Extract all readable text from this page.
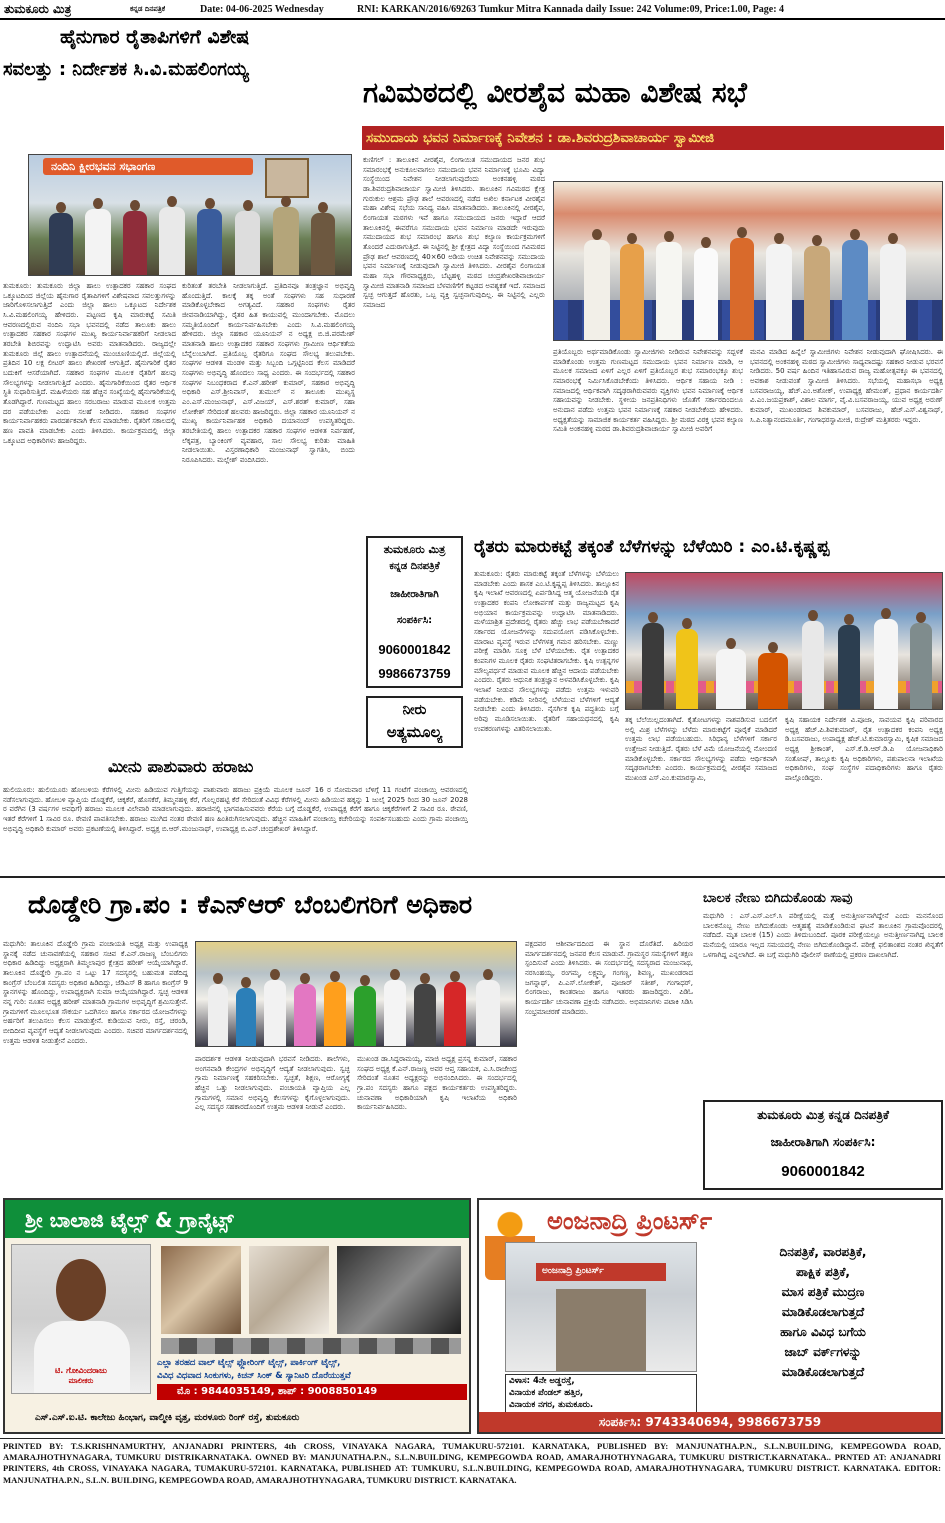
ತುಮಕೂರು ಮಿತ್ರ	ಕನ್ನಡ ದಿನಪತ್ರಿಕೆ	Date: 04-06-2025 Wednesday	RNI: KARKAN/2016/69263 Tumkur Mitra Kannada daily Issue: 242 Volume:09, Price:1.00, Page: 4
ಹೈನುಗಾರ ರೈತಾಪಿಗಳಿಗೆ ವಿಶೇಷ
ಸವಲತ್ತು : ನಿರ್ದೇಶಕ ಸಿ.ವಿ.ಮಹಲಿಂಗಯ್ಯ
ನಂದಿನಿ ಕ್ಷೀರಭವನ ಸಭಾಂಗಣ
ತುಮಕೂರು: ತುಮಕೂರು ಜಿಲ್ಲಾ ಹಾಲು ಉತ್ಪಾದಕರ ಸಹಕಾರ ಸಂಘದ ಒಕ್ಕೂಟದಿಂದ ಜಿಲ್ಲೆಯ ಹೈನುಗಾರ ರೈತಾಪಿಗಳಿಗೆ ವಿಶೇಷವಾದ ಸವಲತ್ತುಗಳನ್ನು ಜಾರಿಗೊಳಿಸಲಾಗುತ್ತಿದೆ ಎಂದು ಜಿಲ್ಲಾ ಹಾಲು ಒಕ್ಕೂಟದ ನಿರ್ದೇಶಕ ಸಿ.ವಿ.ಮಹಲಿಂಗಯ್ಯ ಹೇಳಿದರು. ಪಟ್ಟಣದ ಕೃಷಿ ಮಾರುಕಟ್ಟೆ ಸಮಿತಿ ಆವರಣದಲ್ಲಿರುವ ನಂದಿನಿ ಸಭಾ ಭವನದಲ್ಲಿ ನಡೆದ ತಾಲೂಕು ಹಾಲು ಉತ್ಪಾದಕರ ಸಹಕಾರ ಸಂಘಗಳ ಮುಖ್ಯ ಕಾರ್ಯನಿರ್ವಾಹಕರಿಗೆ ನೀಡಲಾದ ತರಬೇತಿ ಶಿಬಿರವನ್ನು ಉದ್ಘಾಟಿಸಿ ಅವರು ಮಾತನಾಡಿದರು. ರಾಜ್ಯದಲ್ಲೇ ತುಮಕೂರು ಜಿಲ್ಲೆ ಹಾಲು ಉತ್ಪಾದನೆಯಲ್ಲಿ ಮುಂಚೂಣಿಯಲ್ಲಿದೆ. ಜಿಲ್ಲೆಯಲ್ಲಿ ಪ್ರತಿದಿನ 10 ಲಕ್ಷ ಲೀಟರ್ ಹಾಲು ಶೇಖರಣೆ ಆಗುತ್ತಿದೆ. ಹೈನುಗಾರಿಕೆ ರೈತರ ಬದುಕಿಗೆ ಆಸರೆಯಾಗಿದೆ. ಸಹಕಾರ ಸಂಘಗಳ ಮೂಲಕ ರೈತರಿಗೆ ಹಲವು ಸೌಲಭ್ಯಗಳನ್ನು ನೀಡಲಾಗುತ್ತಿದೆ ಎಂದರು. ಹೈನುಗಾರಿಕೆಯಿಂದ ರೈತರ ಆರ್ಥಿಕ ಸ್ಥಿತಿ ಸುಧಾರಿಸುತ್ತಿದೆ. ಮಹಿಳೆಯರು ಸಹ ಹೆಚ್ಚಿನ ಸಂಖ್ಯೆಯಲ್ಲಿ ಹೈನುಗಾರಿಕೆಯಲ್ಲಿ ತೊಡಗಿದ್ದಾರೆ. ಗುಣಮಟ್ಟದ ಹಾಲು ಸರಬರಾಜು ಮಾಡುವ ಮೂಲಕ ಉತ್ತಮ ದರ ಪಡೆಯಬೇಕು ಎಂದು ಸಲಹೆ ನೀಡಿದರು. ಸಹಕಾರ ಸಂಘಗಳ ಕಾರ್ಯನಿರ್ವಾಹಕರು ಪಾರದರ್ಶಕವಾಗಿ ಕೆಲಸ ಮಾಡಬೇಕು. ರೈತರಿಗೆ ಸಕಾಲದಲ್ಲಿ ಹಣ ಪಾವತಿ ಮಾಡಬೇಕು ಎಂದು ತಿಳಿಸಿದರು. ಕಾರ್ಯಕ್ರಮದಲ್ಲಿ ಜಿಲ್ಲಾ ಒಕ್ಕೂಟದ ಅಧಿಕಾರಿಗಳು ಹಾಜರಿದ್ದರು.
ಕುರಿತಂತೆ ತರಬೇತಿ ನೀಡಲಾಗುತ್ತಿದೆ. ಪ್ರತಿದಿನವೂ ತಂತ್ರಜ್ಞಾನ ಅಭಿವೃದ್ಧಿ ಹೊಂದುತ್ತಿದೆ. ಕಾಲಕ್ಕೆ ತಕ್ಕ ಅಂತೆ ಸಂಘಗಳು ಸಹ ಸುಧಾರಣೆ ಮಾಡಿಕೊಳ್ಳಬೇಕಾದ ಅಗತ್ಯವಿದೆ. ಸಹಕಾರ ಸಂಘಗಳು ರೈತರ ಜೀವನಾಡಿಯಾಗಿದ್ದು, ರೈತರ ಹಿತ ಕಾಯುವಲ್ಲಿ ಮುಂದಾಗಬೇಕು. ಮೊದಲು ಸಮ್ಮತಿಯೊಂದಿಗೆ ಕಾರ್ಯನಿರ್ವಹಿಸಬೇಕು ಎಂದು ಸಿ.ವಿ.ಮಹಲಿಂಗಯ್ಯ ಹೇಳಿದರು. ಜಿಲ್ಲಾ ಸಹಕಾರ ಯೂನಿಯನ್ ನ ಅಧ್ಯಕ್ಷ ಬಿ.ಜಿ.ಪರಮೇಶ್ ಮಾತನಾಡಿ ಹಾಲು ಉತ್ಪಾದಕರ ಸಹಕಾರ ಸಂಘಗಳು ಗ್ರಾಮೀಣ ಆರ್ಥಿಕತೆಯ ಬೆನ್ನೆಲುಬಾಗಿದೆ. ಪ್ರತಿಯೊಬ್ಬ ರೈತರಿಗೂ ಸಂಘದ ಸೌಲಭ್ಯ ತಲುಪಬೇಕು. ಸಂಘಗಳ ಆಡಳಿತ ಮಂಡಳಿ ಮತ್ತು ಸಿಬ್ಬಂದಿ ಒಗ್ಗಟ್ಟಿನಿಂದ ಕೆಲಸ ಮಾಡಿದರೆ ಸಂಘಗಳು ಅಭಿವೃದ್ಧಿ ಹೊಂದಲು ಸಾಧ್ಯ ಎಂದರು. ಈ ಸಂದರ್ಭದಲ್ಲಿ ಸಹಕಾರ ಸಂಘಗಳ ನಿಬಂಧಕರಾದ ಕೆ.ಎನ್.ಹರೀಶ್ ಕುಮಾರ್, ಸಹಕಾರ ಅಭಿವೃದ್ಧಿ ಅಧಿಕಾರಿ ಎಸ್.ಶ್ರೀನಿವಾಸ್, ತುಮುಲ್ ನ ತಾಲೂಕು ಮುಖ್ಯಸ್ಥ ಎಂ.ಎಸ್.ಮಂಜುನಾಥ್, ಎಸ್.ವಿಜಯ್, ಎಸ್.ಶರತ್ ಕುಮಾರ್, ಸಹಾ ಲೋಕೇಶ್ ಸೇರಿದಂತೆ ಹಲವರು ಹಾಜರಿದ್ದರು. ಜಿಲ್ಲಾ ಸಹಕಾರ ಯೂನಿಯನ್ ನ ಮುಖ್ಯ ಕಾರ್ಯನಿರ್ವಾಹಕ ಅಧಿಕಾರಿ ದಯಾನಂದ್ ಉಪಸ್ಥಿತರಿದ್ದರು. ತರಬೇತಿಯಲ್ಲಿ ಹಾಲು ಉತ್ಪಾದಕರ ಸಹಕಾರ ಸಂಘಗಳ ಆಡಳಿತ ನಿರ್ವಹಣೆ, ಲೆಕ್ಕಪತ್ರ, ಬ್ಯಾಂಕಿಂಗ್ ವ್ಯವಹಾರ, ಸಾಲ ಸೌಲಭ್ಯ ಕುರಿತು ಮಾಹಿತಿ ನೀಡಲಾಯಿತು. ವಿಸ್ತರಣಾಧಿಕಾರಿ ಮಂಜುನಾಥ್ ಸ್ವಾಗತಿಸಿ, ಬಿಂದು ನಿರೂಪಿಸಿದರು. ಮಲ್ಲೇಶ್ ವಂದಿಸಿದರು.
ಗವಿಮಠದಲ್ಲಿ ವೀರಶೈವ ಮಹಾ ವಿಶೇಷ ಸಭೆ
ಸಮುದಾಯ ಭವನ ನಿರ್ಮಾಣಕ್ಕೆ ನಿವೇಶನ : ಡಾ.ಶಿವರುದ್ರಶಿವಾಚಾರ್ಯ ಸ್ವಾಮೀಜಿ
ಕುಣಿಗಲ್ : ತಾಲೂಕಿನ ವೀರಶೈವ, ಲಿಂಗಾಯಿತ ಸಮುದಾಯದ ಜನರ ಶುಭ ಸಮಾರಂಭಕ್ಕೆ ಅನುಕೂಲವಾಗಲು ಸಮುದಾಯ ಭವನ ನಿರ್ಮಾಣಕ್ಕೆ ಭೂಮಿ ವಿದ್ಯಾ ಸಂಸ್ಥೆಯಿಂದ ನಿವೇಶನ ನೀಡಲಾಗುವುದೆಂದು ಅಂಕನಹಳ್ಳಿ ಮಠದ ಡಾ.ಶಿವರುದ್ರಶಿವಾಚಾರ್ಯ ಸ್ವಾಮೀಜಿ ತಿಳಿಸಿದರು. ತಾಲೂಕಿನ ಗವಿಮಠದ ಕ್ಷೇತ್ರ ಗುರುಕುಲ ಆಶ್ರಮ ಪ್ರೌಢ ಶಾಲೆ ಆವರಣದಲ್ಲಿ ನಡೆದ ಅಖಿಲ ಕರ್ನಾಟಕ ವೀರಶೈವ ಮಹಾ ವಿಶೇಷ ಸಭೆಯ ಸಾನಿಧ್ಯ ವಹಿಸಿ ಮಾತನಾಡಿದರು. ತಾಲೂಕಿನಲ್ಲಿ ವೀರಶೈವ, ಲಿಂಗಾಯತ ಮಠಗಳು ಇವೆ ಹಾಗೂ ಸಮುದಾಯದ ಜನರು ಇದ್ದಾರೆ ಆದರೆ ತಾಲೂಕಿನಲ್ಲಿ ಈವರೆಗೂ ಸಮುದಾಯ ಭವನ ನಿರ್ಮಾಣ ಮಾಡದೇ ಇರುವುದು ಸಮುದಾಯದ ಶುಭ ಸಮಾರಂಭ ಹಾಗೂ ಶುಭ ಕಲ್ಯಾಣ ಕಾರ್ಯಕ್ರಮಗಳಿಗೆ ತೊಂದರೆ ಎದುರಾಗುತ್ತಿದೆ. ಈ ನಿಟ್ಟಿನಲ್ಲಿ ಶ್ರೀ ಕ್ಷೇತ್ರದ ವಿದ್ಯಾ ಸಂಸ್ಥೆಯಿಂದ ಗವಿಮಠದ ಪ್ರೌಢ ಶಾಲೆ ಆವರಣದಲ್ಲಿ 40×60 ಅಡಿಯ ಉಚಿತ ನಿವೇಶನವನ್ನು ಸಮುದಾಯ ಭವನ ನಿರ್ಮಾಣಕ್ಕೆ ನೀಡುವುದಾಗಿ ಸ್ವಾಮೀಜಿ ತಿಳಿಸಿದರು. ವೀರಶೈವ ಲಿಂಗಾಯತ ಮಹಾ ಸಭಾ ಗೌರವಾಧ್ಯಕ್ಷರು, ಬೆಟ್ಟಹಳ್ಳಿ ಮಠದ ಚಂದ್ರಶೇಖರಶಿವಾಚಾರ್ಯ ಸ್ವಾಮೀಜಿ ಮಾತನಾಡಿ ಸಮಾಜದ ಬೆಳವಣಿಗೆಗೆ ಕಟ್ಟಡದ ಅವಶ್ಯಕತೆ ಇದೆ. ಸಮಾಜದ ಸ್ವಚ್ಛ ಆಗುತ್ತದೆ ಹೊರತು, ಒಬ್ಬ ವ್ಯಕ್ತಿ ಸ್ವಚ್ಛನಾಗುವುದಿಲ್ಲ. ಈ ನಿಟ್ಟಿನಲ್ಲಿ ಎಲ್ಲರು ಸಮಾಜದ
ಪ್ರತಿಯೊಬ್ಬರು ಅರ್ಥಮಾಡಿಕೊಂಡು ಸ್ವಾಮೀಜಿಗಳು ನೀಡಿರುವ ನಿವೇಶನವನ್ನು ಸದ್ಬಳಕೆ ಮಾಡಿಕೊಂಡು ಉತ್ತಮ ಗುಣಮಟ್ಟದ ಸಮುದಾಯ ಭವನ ನಿರ್ಮಾಣ ಮಾಡಿ, ಆ ಮೂಲಕ ಸಮಾಜದ ಏಳಿಗೆ ಎಲ್ಲರ ಏಳಿಗೆ ಪ್ರತಿಯೊಬ್ಬರ ಶುಭ ಸಮಾರಂಭಕ್ಕೂ ಶುಭ ಸಮಾರಂಭಕ್ಕೆ ನಿರ್ಮಿಸಿಕೊಡಬೇಕೆಂದು ತಿಳಿಸಿದರು. ಆರ್ಥಿಕ ಸಹಾಯ ನೀಡಿ : ಸಮಾಜದಲ್ಲಿ ಆರ್ಥಿಕವಾಗಿ ಸದೃಢರಾಗಿರುವವರು ವ್ಯಕ್ತಿಗಳು ಭವನ ನಿರ್ಮಾಣಕ್ಕೆ ಆರ್ಥಿಕ ಸಹಾಯವನ್ನು ನೀಡಬೇಕು. ಸ್ಥಳೀಯ ಜನಪ್ರತಿನಿಧಿಗಳು ಜೊತೆಗೆ ಸರ್ಕಾರದಿಂದಲೂ ಅನುದಾನ ಪಡೆದು ಉತ್ತಮ ಭವನ ನಿರ್ಮಾಣಕ್ಕೆ ಸಹಕಾರ ನೀಡಬೇಕೆಂದು ಹೇಳಿದರು. ಅಧ್ಯಕ್ಷತೆಯನ್ನು ಸಾಮಾಜಿಕ ಕಾರ್ಯಕರ್ತ ವಹಿಸಿದ್ದರು. ಶ್ರೀ ಮಠದ ವಿರಕ್ತ ಭವನ ಕಲ್ಯಾಣ ಸಮಿತಿ ಅಂಕನಹಳ್ಳಿ ಮಠದ ಡಾ.ಶಿವರುದ್ರಶಿವಾಚಾರ್ಯ ಸ್ವಾಮೀಜಿ ಅವರಿಗೆ
ಮನವಿ ಮಾಡಿದ ಹಿನ್ನೆಲೆ ಸ್ವಾಮೀಜಿಗಳು ನಿವೇಶನ ನೀಡುವುದಾಗಿ ಘೋಷಿಸಿದರು. ಈ ಭವನದಲ್ಲಿ ಅಂಕನಹಳ್ಳಿ ಮಠದ ಸ್ವಾಮೀಜಿಗಳು ಸಾಧ್ಯವಾದಷ್ಟು ಸಹಕಾರ ನೀಡುವ ಭರವಸೆ ನೀಡಿದರು. 50 ವರ್ಷ ಹಿಂದಿನ ಇತಿಹಾಸವಿರುವ ರಾಜ್ಯ ಮಹೋತ್ಸವಕ್ಕೂ ಈ ಭವನದಲ್ಲಿ ಅವಕಾಶ ನೀಡುವಂತೆ ಸ್ವಾಮೀಜಿ ತಿಳಿಸಿದರು. ಸಭೆಯಲ್ಲಿ ಮಹಾಸಭಾ ಅಧ್ಯಕ್ಷ ಬಸವರಾಜಯ್ಯ, ಹೆಚ್.ಎಂ.ಅಶೋಕ್, ಉಪಾಧ್ಯಕ್ಷ ಹೇಮಂತ್, ಪ್ರಧಾನ ಕಾರ್ಯದರ್ಶಿ ವಿ.ಎಂ.ಜಯಪ್ರಕಾಶ್, ವಿಶಾಲ ಮಾರ್ಗ, ವೈ.ವಿ.ಬಸವರಾಜಯ್ಯ, ಯುವ ಅಧ್ಯಕ್ಷ ಅರುಣ್ ಕುಮಾರ್, ಮುಖಂಡರಾದ ಶಿವಕುಮಾರ್, ಬಸವರಾಜು, ಹೆಚ್.ಎಸ್.ವಿಶ್ವನಾಥ್, ಸಿ.ಪಿ.ನಿತ್ಯಾನಂದಮೂರ್ತಿ, ಗಂಗಾಧರಸ್ವಾಮೀಜಿ, ರುದ್ರೇಶ್ ಮತ್ತಿತರರು ಇದ್ದರು.
ತುಮಕೂರು ಮಿತ್ರ
ಕನ್ನಡ ದಿನಪತ್ರಿಕೆ
ಜಾಹೀರಾತಿಗಾಗಿ
ಸಂಪರ್ಕಿಸಿ:
9060001842
9986673759
ನೀರು
ಅತ್ಯಮೂಲ್ಯ
ರೈತರು ಮಾರುಕಟ್ಟೆ ತಕ್ಕಂತೆ ಬೆಳೆಗಳನ್ನು ಬೆಳೆಯಿರಿ : ಎಂ.ಟಿ.ಕೃಷ್ಣಪ್ಪ
ತುಮಕೂರು: ರೈತರು ಮಾರುಕಟ್ಟೆ ತಕ್ಕಂತೆ ಬೆಳೆಗಳನ್ನು ಬೆಳೆಯಲು ಮಾಡಬೇಕು ಎಂದು ಶಾಸಕ ಎಂ.ಟಿ.ಕೃಷ್ಣಪ್ಪ ತಿಳಿಸಿದರು. ತಾಲ್ಲೂಕಿನ ಕೃಷಿ ಇಲಾಖೆ ಆವರಣದಲ್ಲಿ ಏರ್ಪಡಿಸಿದ್ದ ಆತ್ಮ ಯೋಜನೆಯಡಿ ರೈತ ಉತ್ಪಾದಕರ ಕಂಪನಿ ಲೋಕಾರ್ಪಣೆ ಮತ್ತು ರಾಜ್ಯಮಟ್ಟದ ಕೃಷಿ ಅಭಿಯಾನ ಕಾರ್ಯಕ್ರಮವನ್ನು ಉದ್ಘಾಟಿಸಿ ಮಾತನಾಡಿದರು. ಮಳೆಯಾಶ್ರಿತ ಪ್ರದೇಶದಲ್ಲಿ ರೈತರು ಹೆಚ್ಚು ಲಾಭ ಪಡೆಯಬೇಕಾದರೆ ಸರ್ಕಾರದ ಯೋಜನೆಗಳನ್ನು ಸದುಪಯೋಗ ಪಡಿಸಿಕೊಳ್ಳಬೇಕು. ಮಾರಾಟ ವ್ಯವಸ್ಥೆ ಇರುವ ಬೆಳೆಗಳತ್ತ ಗಮನ ಹರಿಸಬೇಕು. ಮಣ್ಣು ಪರೀಕ್ಷೆ ಮಾಡಿಸಿ ಸೂಕ್ತ ಬೆಳೆ ಬೆಳೆಯಬೇಕು. ರೈತ ಉತ್ಪಾದಕರ ಕಂಪನಿಗಳ ಮೂಲಕ ರೈತರು ಸಂಘಟಿತರಾಗಬೇಕು. ಕೃಷಿ ಉತ್ಪನ್ನಗಳ ಮೌಲ್ಯವರ್ಧನೆ ಮಾಡುವ ಮೂಲಕ ಹೆಚ್ಚಿನ ಆದಾಯ ಪಡೆಯಬೇಕು ಎಂದರು. ರೈತರು ಆಧುನಿಕ ತಂತ್ರಜ್ಞಾನ ಅಳವಡಿಸಿಕೊಳ್ಳಬೇಕು. ಕೃಷಿ ಇಲಾಖೆ ನೀಡುವ ಸೌಲಭ್ಯಗಳನ್ನು ಪಡೆದು ಉತ್ತಮ ಇಳುವರಿ ಪಡೆಯಬೇಕು. ಕಡಿಮೆ ನೀರಿನಲ್ಲಿ ಬೆಳೆಯುವ ಬೆಳೆಗಳಿಗೆ ಆದ್ಯತೆ ನೀಡಬೇಕು ಎಂದು ತಿಳಿಸಿದರು. ನೈಸರ್ಗಿಕ ಕೃಷಿ ಪದ್ಧತಿಯ ಬಗ್ಗೆ ಅರಿವು ಮೂಡಿಸಲಾಯಿತು. ರೈತರಿಗೆ ಸಹಾಯಧನದಲ್ಲಿ ಕೃಷಿ ಉಪಕರಣಗಳನ್ನು ವಿತರಿಸಲಾಯಿತು.
ತಕ್ಕ ಬೆಲೆಯಿಲ್ಲದಂತಾಗಿದೆ. ಕೈತೋಟಗಳನ್ನು ನಾಶಪಡಿಸುವ ಬದಲಿಗೆ ಅಲ್ಲಿ ಮಿಶ್ರ ಬೆಳೆಗಳನ್ನು ಬೆಳೆದು ಮಾರುಕಟ್ಟೆಗೆ ಪೂರೈಕೆ ಮಾಡಿದರೆ ಉತ್ತಮ ಲಾಭ ಪಡೆಯಬಹುದು. ಸಿರಿಧಾನ್ಯ ಬೆಳೆಗಳಿಗೆ ಸರ್ಕಾರ ಉತ್ತೇಜನ ನೀಡುತ್ತಿದೆ. ರೈತರು ಬೆಳೆ ವಿಮೆ ಯೋಜನೆಯಲ್ಲಿ ನೋಂದಣಿ ಮಾಡಿಕೊಳ್ಳಬೇಕು. ಸರ್ಕಾರದ ಸೌಲಭ್ಯಗಳನ್ನು ಪಡೆದು ಆರ್ಥಿಕವಾಗಿ ಸದೃಢರಾಗಬೇಕು ಎಂದರು. ಕಾರ್ಯಕ್ರಮದಲ್ಲಿ ವೀರಶೈವ ಸಮಾಜದ ಮುಖಂಡ ಎಸ್.ಎಂ.ಕುಮಾರಸ್ವಾಮಿ,
ಕೃಷಿ ಸಹಾಯಕ ನಿರ್ದೇಶಕ ವಿ.ಪೂಜಾ, ಸಾವಯವ ಕೃಷಿ ಪರಿವಾರದ ಅಧ್ಯಕ್ಷ ಹೆಚ್.ಪಿ.ಶಿವಕುಮಾರ್, ರೈತ ಉತ್ಪಾದಕರ ಕಂಪನಿ ಅಧ್ಯಕ್ಷ ಡಿ.ಬಸವರಾಜು, ಉಪಾಧ್ಯಕ್ಷ ಹೆಚ್.ಟಿ.ಕುಮಾರಸ್ವಾಮಿ, ಕೃಷಿಕ ಸಮಾಜದ ಅಧ್ಯಕ್ಷ ಶ್ರೀಕಾಂತ್, ಎಸ್.ಕೆ.ಡಿ.ಆರ್.ಡಿ.ಪಿ ಯೋಜನಾಧಿಕಾರಿ ಸಂತೋಷ್, ತಾಲ್ಲೂಕು ಕೃಷಿ ಅಧಿಕಾರಿಗಳು, ಪಶುಪಾಲನಾ ಇಲಾಖೆಯ ಅಧಿಕಾರಿಗಳು, ಸಂಘ ಸಂಸ್ಥೆಗಳ ಪದಾಧಿಕಾರಿಗಳು ಹಾಗೂ ರೈತರು ಪಾಲ್ಗೊಂಡಿದ್ದರು.
ಮೀನು ಪಾಶುವಾರು ಹರಾಜು
ಹುಲಿಯೂರು: ಹುಲಿಯೂರು ಹೋಬಳಿಯ ಕೆರೆಗಳಲ್ಲಿ ಮೀನು ಹಿಡಿಯುವ ಗುತ್ತಿಗೆಯನ್ನು ಪಾಶುವಾರು ಹರಾಜು ಪ್ರಕ್ರಿಯೆ ಮೂಲಕ ಜೂನ್ 16 ರ ಸೋಮವಾರ ಬೆಳಿಗ್ಗೆ 11 ಗಂಟೆಗೆ ಪಂಚಾಯ್ತಿ ಆವರಣದಲ್ಲಿ ನಡೆಸಲಾಗುವುದು. ಹೋಬಳಿ ವ್ಯಾಪ್ತಿಯ ದೊಡ್ಡಕೆರೆ, ಚಿಕ್ಕಕೆರೆ, ಹೊಸಕೆರೆ, ತಿಮ್ಮನಹಳ್ಳಿ ಕೆರೆ, ಗೊಲ್ಲರಹಟ್ಟಿ ಕೆರೆ ಸೇರಿದಂತೆ ವಿವಿಧ ಕೆರೆಗಳಲ್ಲಿ ಮೀನು ಹಿಡಿಯುವ ಹಕ್ಕನ್ನು 1 ಜುಲೈ 2025 ರಿಂದ 30 ಜೂನ್ 2028 ರ ವರೆಗಿನ (3 ವರ್ಷಗಳ ಅವಧಿಗೆ) ಹರಾಜು ಮೂಲಕ ವಿಲೇವಾರಿ ಮಾಡಲಾಗುವುದು. ಹರಾಜಿನಲ್ಲಿ ಭಾಗವಹಿಸುವವರು ಕೆರೆಯ ಬಗ್ಗೆ ದೊಡ್ಡಕೆರೆ, ಉಪಾಧ್ಯಕ್ಷ ಕೆರೆಗೆ ಹಾಗೂ ಚಿಕ್ಕಕೆರೆಗಳಿಗೆ 2 ಸಾವಿರ ರೂ. ಠೇವಣಿ, ಇತರೆ ಕೆರೆಗಳಿಗೆ 1 ಸಾವಿರ ರೂ. ಠೇವಣಿ ಪಾವತಿಸಬೇಕು. ಹರಾಜು ಮುಗಿದ ನಂತರ ಠೇವಣಿ ಹಣ ಹಿಂತಿರುಗಿಸಲಾಗುವುದು. ಹೆಚ್ಚಿನ ಮಾಹಿತಿಗೆ ಪಂಚಾಯ್ತಿ ಕಚೇರಿಯನ್ನು ಸಂಪರ್ಕಿಸಬಹುದು ಎಂದು ಗ್ರಾಮ ಪಂಚಾಯ್ತಿ ಅಭಿವೃದ್ಧಿ ಅಧಿಕಾರಿ ಕುಮಾರ್ ಅವರು ಪ್ರಕಟಣೆಯಲ್ಲಿ ತಿಳಿಸಿದ್ದಾರೆ. ಅಧ್ಯಕ್ಷ ಬಿ.ಆರ್.ಮಂಜುನಾಥ್, ಉಪಾಧ್ಯಕ್ಷ ಬಿ.ಎನ್.ಚಂದ್ರಶೇಖರ್ ತಿಳಿಸಿದ್ದಾರೆ.
ದೊಡ್ಡೇರಿ ಗ್ರಾ.ಪಂ : ಕೆಎನ್‌ಆರ್ ಬೆಂಬಲಿಗರಿಗೆ ಅಧಿಕಾರ
ಮಧುಗಿರಿ: ತಾಲೂಕಿನ ದೊಡ್ಡೇರಿ ಗ್ರಾಮ ಪಂಚಾಯತಿ ಅಧ್ಯಕ್ಷ ಮತ್ತು ಉಪಾಧ್ಯಕ್ಷ ಸ್ಥಾನಕ್ಕೆ ನಡೆದ ಚುನಾವಣೆಯಲ್ಲಿ ಸಹಕಾರ ಸಚಿವ ಕೆ.ಎನ್.ರಾಜಣ್ಣ ಬೆಂಬಲಿಗರು ಅಧಿಕಾರ ಹಿಡಿದಿದ್ದು ಅಧ್ಯಕ್ಷರಾಗಿ ತಿಮ್ಮಲಾಪುರ ಕ್ಷೇತ್ರದ ಹರೀಶ್ ಆಯ್ಕೆಯಾಗಿದ್ದಾರೆ. ತಾಲೂಕಿನ ದೊಡ್ಡೇರಿ ಗ್ರಾ.ಪಂ ನ ಒಟ್ಟು 17 ಸದಸ್ಯರಲ್ಲಿ ಬಹುಮತ ಪಡೆದಿದ್ದ ಕಾಂಗ್ರೆಸ್ ಬೆಂಬಲಿತ ಸದಸ್ಯರು ಅಧಿಕಾರ ಹಿಡಿದಿದ್ದು, ಜೆಡಿಎಸ್ 8 ಹಾಗೂ ಕಾಂಗ್ರೆಸ್ 9 ಸ್ಥಾನಗಳನ್ನು ಹೊಂದಿದ್ದು, ಉಪಾಧ್ಯಕ್ಷರಾಗಿ ಸುಮಾ ಆಯ್ಕೆಯಾಗಿದ್ದಾರೆ. ಸ್ವಚ್ಛ ಆಡಳಿತ ನನ್ನ ಗುರಿ: ನೂತನ ಅಧ್ಯಕ್ಷ ಹರೀಶ್ ಮಾತನಾಡಿ ಗ್ರಾಮಗಳ ಅಭಿವೃದ್ಧಿಗೆ ಶ್ರಮಿಸುತ್ತೇನೆ. ಗ್ರಾಮಗಳಿಗೆ ಮೂಲಭೂತ ಸೌಕರ್ಯ ಒದಗಿಸಲು ಹಾಗೂ ಸರ್ಕಾರದ ಯೋಜನೆಗಳನ್ನು ಅರ್ಹರಿಗೆ ತಲುಪಿಸಲು ಕೆಲಸ ಮಾಡುತ್ತೇನೆ. ಕುಡಿಯುವ ನೀರು, ರಸ್ತೆ, ಚರಂಡಿ, ಬೀದಿದೀಪ ವ್ಯವಸ್ಥೆಗೆ ಆದ್ಯತೆ ನೀಡಲಾಗುವುದು ಎಂದರು. ಸಚಿವರ ಮಾರ್ಗದರ್ಶನದಲ್ಲಿ ಉತ್ತಮ ಆಡಳಿತ ನೀಡುತ್ತೇನೆ ಎಂದರು.
ಪಾರದರ್ಶಕ ಆಡಳಿತ ನೀಡುವುದಾಗಿ ಭರವಸೆ ನೀಡಿದರು. ಶಾಲೆಗಳು, ಅಂಗನವಾಡಿ ಕೇಂದ್ರಗಳ ಅಭಿವೃದ್ಧಿಗೆ ಆದ್ಯತೆ ನೀಡಲಾಗುವುದು. ಸ್ವಚ್ಛ ಗ್ರಾಮ ನಿರ್ಮಾಣಕ್ಕೆ ಸಹಕರಿಸಬೇಕು. ಸ್ವಚ್ಛತೆ, ಶಿಕ್ಷಣ, ಆರೋಗ್ಯಕ್ಕೆ ಹೆಚ್ಚಿನ ಒತ್ತು ನೀಡಲಾಗುವುದು. ಪಂಚಾಯತಿ ವ್ಯಾಪ್ತಿಯ ಎಲ್ಲ ಗ್ರಾಮಗಳಲ್ಲಿ ಸಮಾನ ಅಭಿವೃದ್ಧಿ ಕೆಲಸಗಳನ್ನು ಕೈಗೊಳ್ಳಲಾಗುವುದು. ಎಲ್ಲ ಸದಸ್ಯರ ಸಹಕಾರದೊಂದಿಗೆ ಉತ್ತಮ ಆಡಳಿತ ನೀಡುವೆ ಎಂದರು.
ಮುಖಂಡ ಡಾ.ಸಿದ್ದರಾಮಯ್ಯ, ಮಾಜಿ ಅಧ್ಯಕ್ಷ ಪ್ರಸನ್ನ ಕುಮಾರ್, ಸಹಕಾರ ಸಂಘದ ಅಧ್ಯಕ್ಷ ಕೆ.ಎನ್.ರಾಜಣ್ಣ ಅವರ ಆಪ್ತ ಸಹಾಯಕ, ಎ.ಸಿ.ರಾಜೇಂದ್ರ ಸೇರಿದಂತೆ ನೂತನ ಅಧ್ಯಕ್ಷರನ್ನು ಅಭಿನಂದಿಸಿದರು. ಈ ಸಂದರ್ಭದಲ್ಲಿ ಗ್ರಾ.ಪಂ ಸದಸ್ಯರು ಹಾಗೂ ಪಕ್ಷದ ಕಾರ್ಯಕರ್ತರು ಉಪಸ್ಥಿತರಿದ್ದರು. ಚುನಾವಣಾ ಅಧಿಕಾರಿಯಾಗಿ ಕೃಷಿ ಇಲಾಖೆಯ ಅಧಿಕಾರಿ ಕಾರ್ಯನಿರ್ವಹಿಸಿದರು.
ಪಕ್ಷದವರ ಆಶೀರ್ವಾದದಿಂದ ಈ ಸ್ಥಾನ ದೊರೆತಿದೆ. ಹಿರಿಯರ ಮಾರ್ಗದರ್ಶನದಲ್ಲಿ ಜನಪರ ಕೆಲಸ ಮಾಡುವೆ. ಗ್ರಾಮಸ್ಥರ ಸಮಸ್ಯೆಗಳಿಗೆ ತಕ್ಷಣ ಸ್ಪಂದಿಸುವೆ ಎಂದು ತಿಳಿಸಿದರು. ಈ ಸಂದರ್ಭದಲ್ಲಿ ಸದಸ್ಯರಾದ ಮಂಜುನಾಥ, ನರಸಿಂಹಯ್ಯ, ರಂಗಮ್ಮ, ಲಕ್ಷ್ಮಮ್ಮ, ಗಂಗಣ್ಣ, ಶಿವಣ್ಣ, ಮುಖಂಡರಾದ ಜಗನ್ನಾಥ್, ಪಿ.ಎಸ್.ಲೋಕೇಶ್, ಪೂಜಾರ್ ಸತೀಶ್, ಗಂಗಾಧರ್, ಲಿಂಗರಾಜು, ಕಾಂತರಾಜು ಹಾಗೂ ಇತರರು ಹಾಜರಿದ್ದರು. ಪಿಡಿಓ ಕಾರ್ಯದರ್ಶಿ ಚುನಾವಣಾ ಪ್ರಕ್ರಿಯೆ ನಡೆಸಿದರು. ಅಭಿಮಾನಿಗಳು ಪಟಾಕಿ ಸಿಡಿಸಿ ಸಂಭ್ರಮಾಚರಣೆ ಮಾಡಿದರು.
ಬಾಲಕ ನೇಣು ಬಿಗಿದುಕೊಂಡು ಸಾವು
ಮಧುಗಿರಿ : ಎಸ್.ಎಸ್.ಎಲ್.ಸಿ ಪರೀಕ್ಷೆಯಲ್ಲಿ ಮತ್ತೆ ಅನುತ್ತೀರ್ಣನಾಗಿದ್ದೇನೆ ಎಂದು ಮನನೊಂದ ಬಾಲಕನೊಬ್ಬ ನೇಣು ಬಿಗಿದುಕೊಂಡು ಆತ್ಮಹತ್ಯೆ ಮಾಡಿಕೊಂಡಿರುವ ಘಟನೆ ತಾಲೂಕಿನ ಗ್ರಾಮವೊಂದರಲ್ಲಿ ನಡೆದಿದೆ. ಮೃತ ಬಾಲಕ (15) ಎಂದು ತಿಳಿದುಬಂದಿದೆ. ಪೂರಕ ಪರೀಕ್ಷೆಯಲ್ಲೂ ಅನುತ್ತೀರ್ಣನಾಗಿದ್ದ ಬಾಲಕ ಮನೆಯಲ್ಲಿ ಯಾರೂ ಇಲ್ಲದ ಸಮಯದಲ್ಲಿ ನೇಣು ಬಿಗಿದುಕೊಂಡಿದ್ದಾನೆ. ಪರೀಕ್ಷೆ ಫಲಿತಾಂಶದ ನಂತರ ಖಿನ್ನತೆಗೆ ಒಳಗಾಗಿದ್ದ ಎನ್ನಲಾಗಿದೆ. ಈ ಬಗ್ಗೆ ಮಧುಗಿರಿ ಪೊಲೀಸ್ ಠಾಣೆಯಲ್ಲಿ ಪ್ರಕರಣ ದಾಖಲಾಗಿದೆ.
ತುಮಕೂರು ಮಿತ್ರ ಕನ್ನಡ ದಿನಪತ್ರಿಕೆ
ಜಾಹೀರಾತಿಗಾಗಿ ಸಂಪರ್ಕಿಸಿ:
9060001842
ಶ್ರೀ ಬಾಲಾಜಿ ಟೈಲ್ಸ್ & ಗ್ರಾನೈಟ್ಸ್
ಟಿ. ಗೋವಿಂದರಾಜು
ಮಾಲೀಕರು
ಎಲ್ಲಾ ತರಹದ ವಾಲ್ ಟೈಲ್ಸ್ ಫ್ಲೋರಿಂಗ್ ಟೈಲ್ಸ್, ಪಾರ್ಕಿಂಗ್ ಟೈಲ್ಸ್,
ವಿವಿಧ ವಿಧವಾದ ಸಿಂಕುಗಳು, ಕಿಚನ್ ಸಿಂಕ್ & ಸ್ಯಾನಿಟರಿ ದೊರೆಯುತ್ತವೆ
ಮೊ : 9844035149, ಶಾಪ್ : 9008850149
ಎಸ್.ಎಸ್.ಐ.ಟಿ. ಕಾಲೇಜು ಹಿಂಭಾಗ, ವಾಲ್ಮೀಕಿ ವೃತ್ತ, ಮರಳೂರು ರಿಂಗ್ ರಸ್ತೆ, ತುಮಕೂರು
ಅಂಜನಾದ್ರಿ ಪ್ರಿಂಟರ್ಸ್
ಅಂಜನಾದ್ರಿ ಪ್ರಿಂಟರ್ಸ್
ವಿಳಾಸ: 4ನೇ ಅಡ್ಡರಸ್ತೆ,
ವಿನಾಯಕ ಪೆಂಡಲ್ ಹತ್ತಿರ,
ವಿನಾಯಕ ನಗರ, ತುಮಕೂರು.
ದಿನಪತ್ರಿಕೆ, ವಾರಪತ್ರಿಕೆ,
ಪಾಕ್ಷಿಕ ಪತ್ರಿಕೆ,
ಮಾಸ ಪತ್ರಿಕೆ ಮುದ್ರಣ
ಮಾಡಿಕೊಡಲಾಗುತ್ತದೆ
ಹಾಗೂ ವಿವಿಧ ಬಗೆಯ
ಜಾಬ್ ವರ್ಕ್‌ಗಳನ್ನು
ಮಾಡಿಕೊಡಲಾಗುತ್ತದೆ
ಸಂಪರ್ಕಿಸಿ: 9743340694, 9986673759
PRINTED BY: T.S.KRISHNAMURTHY, ANJANADRI PRINTERS, 4th CROSS, VINAYAKA NAGARA, TUMAKURU-572101. KARNATAKA, PUBLISHED BY: MANJUNATHA.P.N., S.L.N.BUILDING, KEMPEGOWDA ROAD, AMARAJHOTHYNAGARA, TUMKURU DISTRIKARNATAKA. OWNED BY: MANJUNATHA.P.N., S.L.N.BUILDING, KEMPEGOWDA ROAD, AMARAJHOTHYNAGARA, TUMKURU DISTRICT.KARNATAKA.. PRNTED AT: ANJANADRI PRINTERS, 4th CROSS, VINAYAKA NAGARA, TUMAKURU-572101. KARNATAKA, PUBLISHED AT: TUMKURU, S.L.N.BUILDING, KEMPEGOWDA ROAD, AMARAJHOTHYNAGARA, TUMKURU DISTRICT. KARNATAKA. EDITOR: MANJUNATHA.P.N., S.L.N. BUILDING, KEMPEGOWDA ROAD, AMARAJHOTHYNAGARA, TUMKURU DISTRICT. KARNATAKA.
